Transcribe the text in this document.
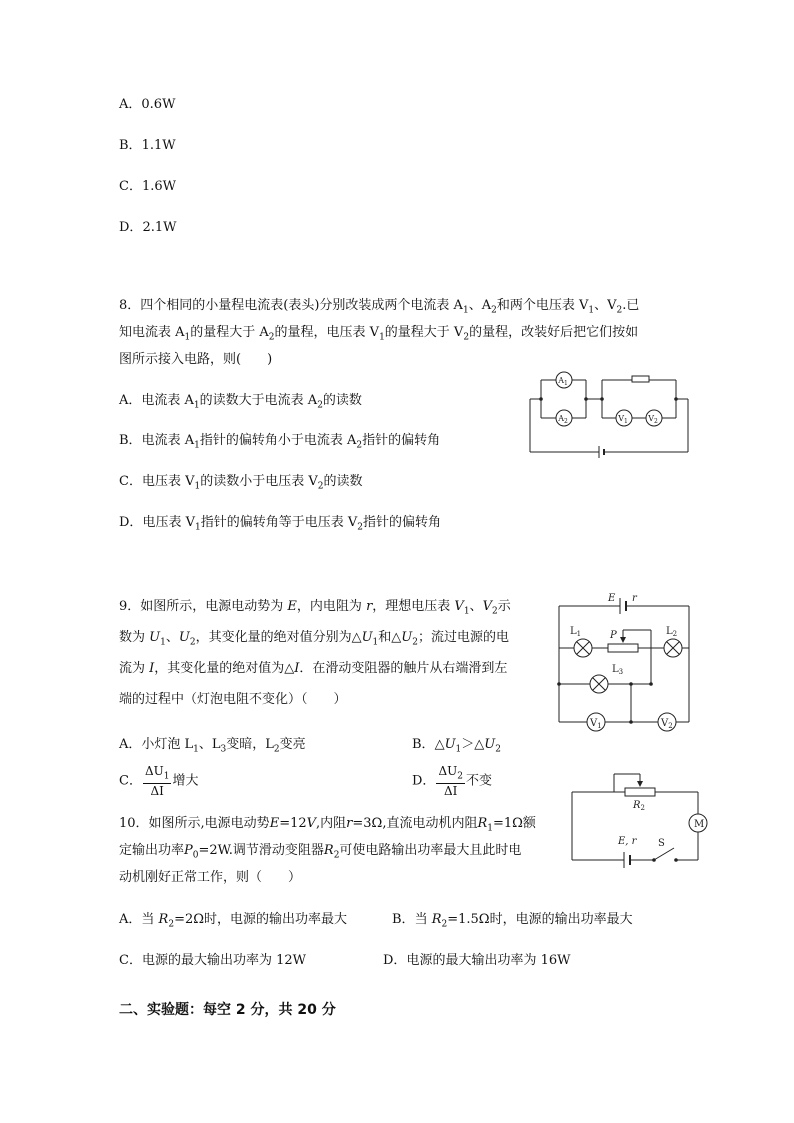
A．0.6W
B．1.1W
C．1.6W
D．2.1W
8．四个相同的小量程电流表(表头)分别改装成两个电流表 $A_1$、$A_2$和两个电压表 $V_1$、$V_2$.已
知电流表 $A_1$的量程大于 $A_2$的量程，电压表 $V_1$的量程大于 $V_2$的量程，改装好后把它们按如
图所示接入电路，则(　　)
A．电流表 $A_1$的读数大于电流表 $A_2$的读数
B．电流表 $A_1$指针的偏转角小于电流表 $A_2$指针的偏转角
C．电压表 $V_1$的读数小于电压表 $V_2$的读数
D．电压表 $V_1$指针的偏转角等于电压表 $V_2$指针的偏转角
$A_1$
$A_2$	$V_1$	$V_2$
9．如图所示，电源电动势为 E，内电阻为 r，理想电压表 $V_1$、$V_2$示
数为 $U_1$、$U_2$，其变化量的绝对值分别为$\triangle U_1$和$\triangle U_2$；流过电源的电
流为 I，其变化量的绝对值为△I．在滑动变阻器的触片从右端滑到左
端的过程中（灯泡电阻不变化）（　　）
A．小灯泡 $L_1$、$L_3$变暗，$L_2$变亮	B．$\triangle U_1>\triangle U_2$
C． $\frac{\Delta U_1}{\Delta I}$ 增大	D． $\frac{\Delta U_2}{\Delta I}$ 不变
E r
$L_1$	$L_2$
P
$L_3$
$V_1$	$V_2$
10．如图所示,电源电动势E=12V,内阻r=3Ω,直流电动机内阻$R_1=1\Omega$额
定输出功率$P_0=2W$.调节滑动变阻器$R_2$可使电路输出功率最大且此时电
动机刚好正常工作，则（　　）
A．当 $R_2=2\Omega$时，电源的输出功率最大	B．当 $R_2=1.5\Omega$时，电源的输出功率最大
C．电源的最大输出功率为 12W	D．电源的最大输出功率为 16W
$R_2$
M
E, r S
二、实验题：每空 2 分，共 20 分
